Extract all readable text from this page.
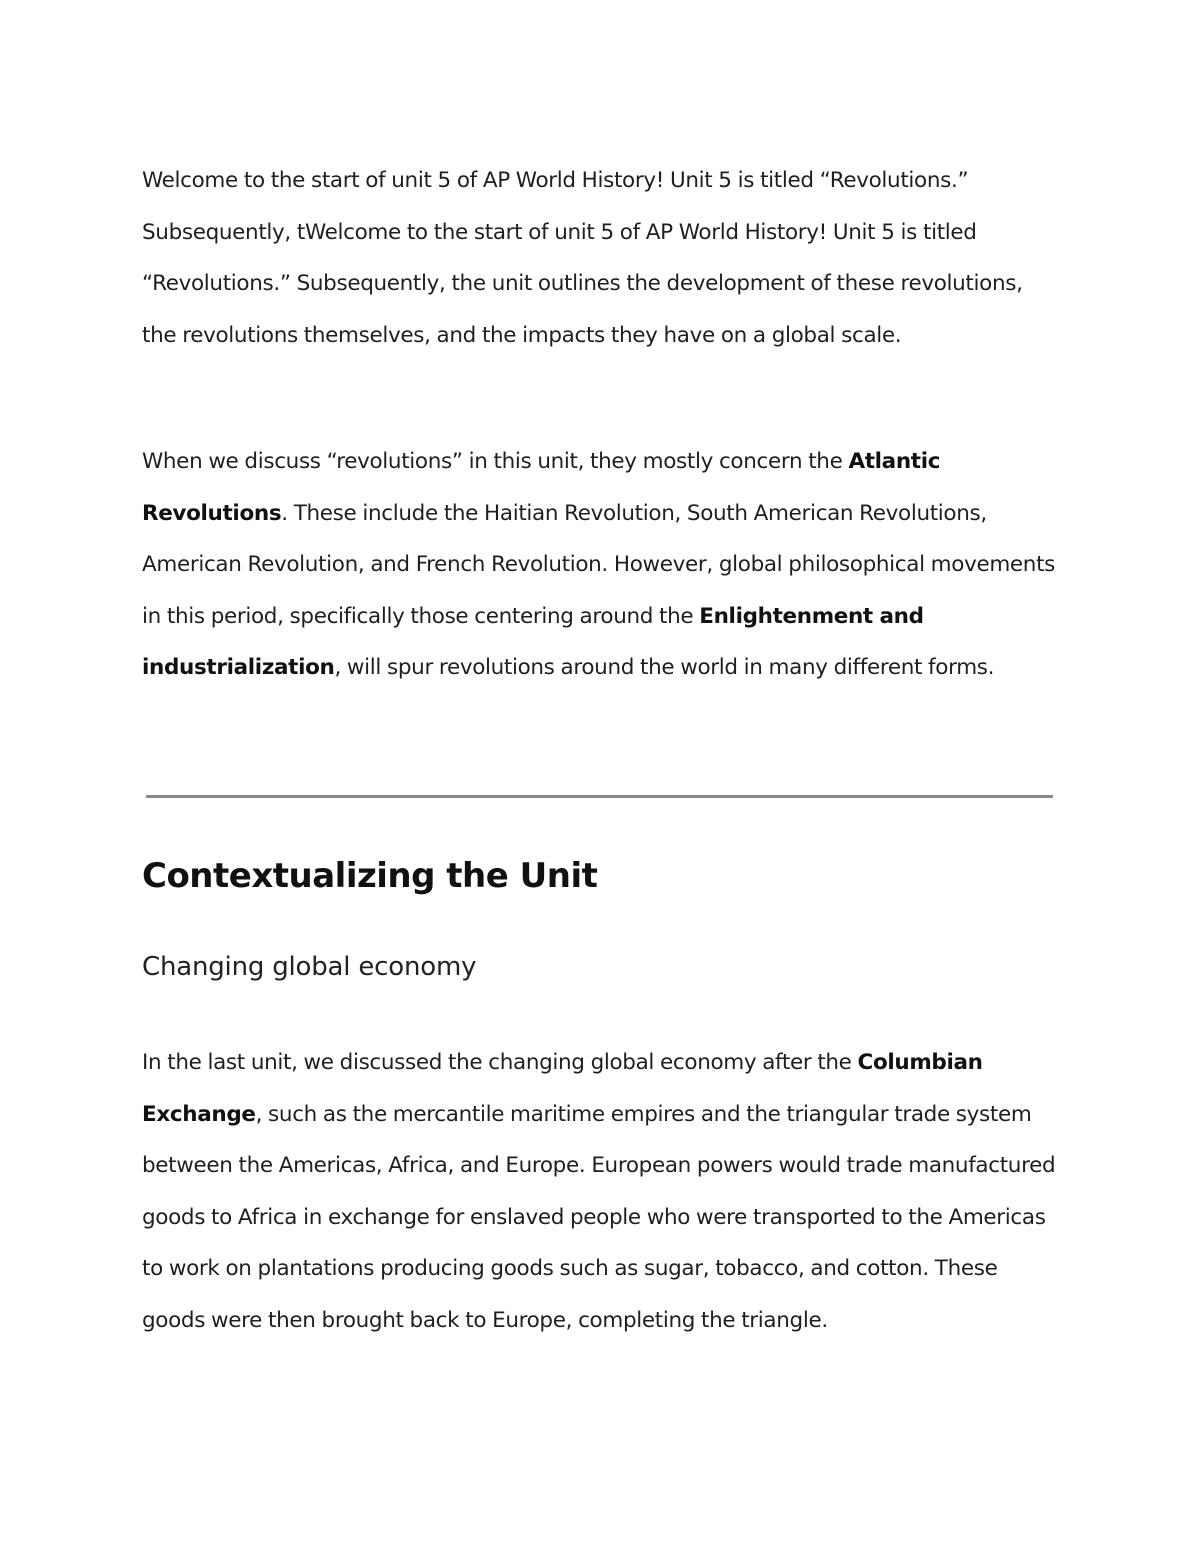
Welcome to the start of unit 5 of AP World History! Unit 5 is titled “Revolutions.” Subsequently, tWelcome to the start of unit 5 of AP World History! Unit 5 is titled “Revolutions.” Subsequently, the unit outlines the development of these revolutions, the revolutions themselves, and the impacts they have on a global scale.

When we discuss “revolutions” in this unit, they mostly concern the Atlantic Revolutions. These include the Haitian Revolution, South American Revolutions, American Revolution, and French Revolution. However, global philosophical movements in this period, specifically those centering around the Enlightenment and industrialization, will spur revolutions around the world in many different forms.

Contextualizing the Unit
Changing global economy

In the last unit, we discussed the changing global economy after the Columbian Exchange, such as the mercantile maritime empires and the triangular trade system between the Americas, Africa, and Europe. European powers would trade manufactured goods to Africa in exchange for enslaved people who were transported to the Americas to work on plantations producing goods such as sugar, tobacco, and cotton. These goods were then brought back to Europe, completing the triangle.
